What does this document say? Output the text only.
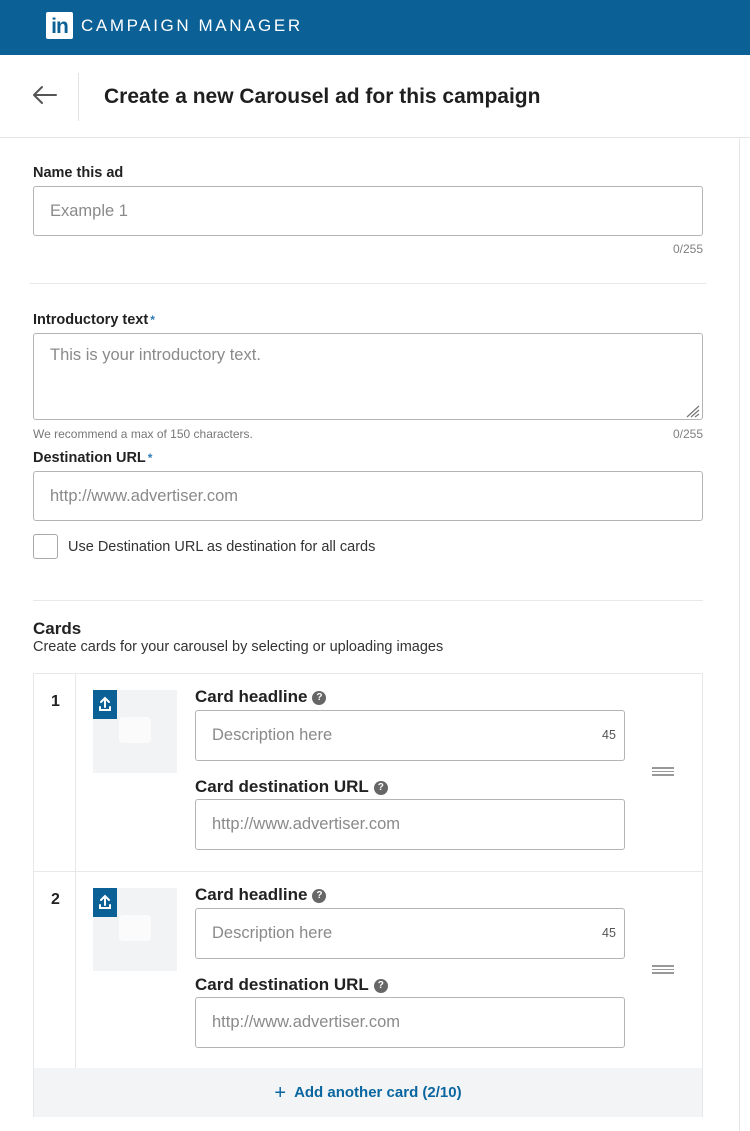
in CAMPAIGN MANAGER
Create a new Carousel ad for this campaign
Name this ad
Example 1
0/255
Introductory text *
This is your introductory text.
We recommend a max of 150 characters.	0/255
Destination URL *
http://www.advertiser.com
Use Destination URL as destination for all cards
Cards
Create cards for your carousel by selecting or uploading images
1	Card headline ?
Description here
45
Card destination URL ?
http://www.advertiser.com
2	Card headline ?
Description here
45
Card destination URL ?
http://www.advertiser.com
+ Add another card (2/10)
